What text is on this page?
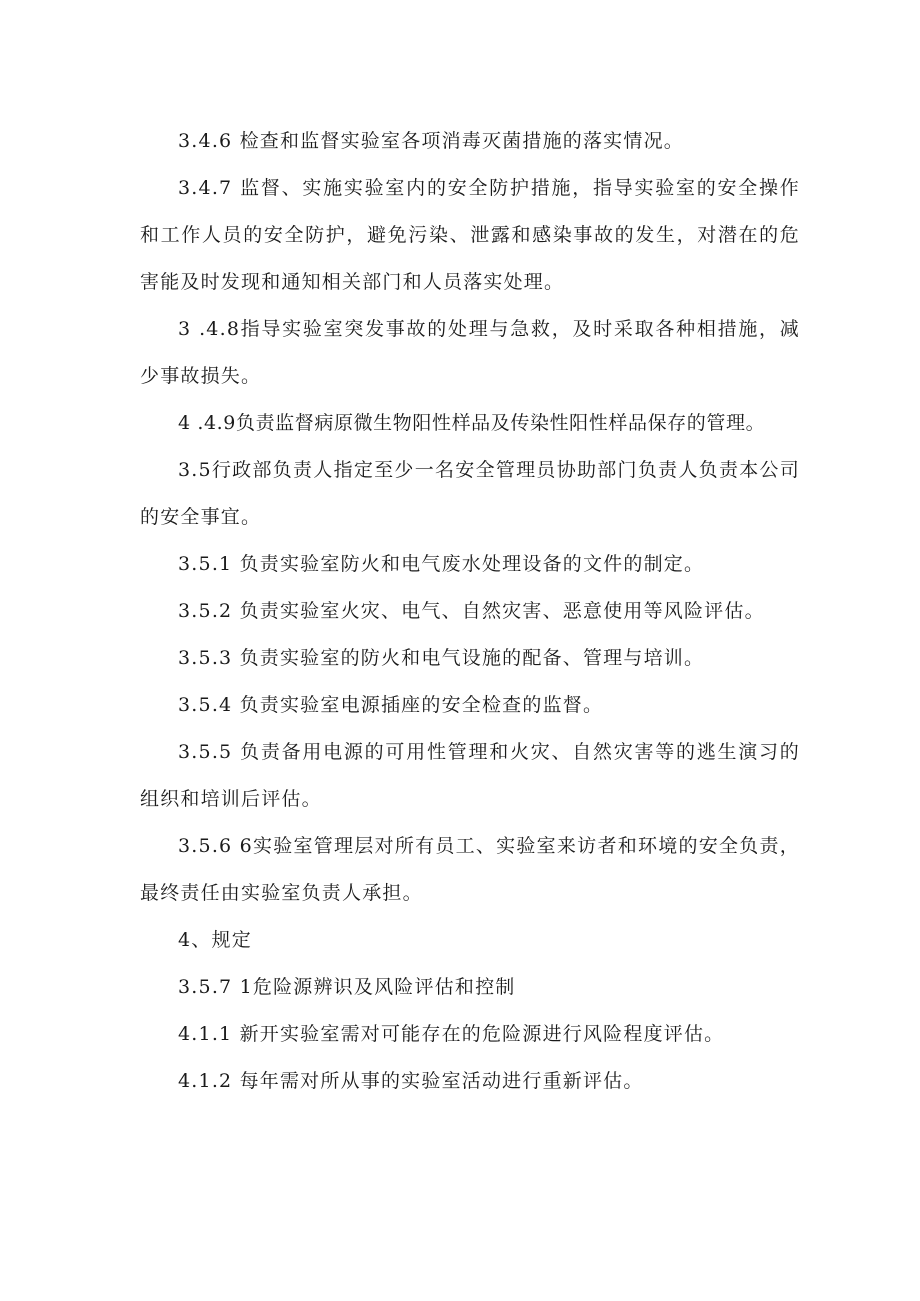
3.4.6 检查和监督实验室各项消毒灭菌措施的落实情况。

3.4.7 监督、实施实验室内的安全防护措施，指导实验室的安全操作和工作人员的安全防护，避免污染、泄露和感染事故的发生，对潜在的危害能及时发现和通知相关部门和人员落实处理。

3 .4.8指导实验室突发事故的处理与急救，及时采取各种相措施，减少事故损失。

4 .4.9负责监督病原微生物阳性样品及传染性阳性样品保存的管理。

3.5行政部负责人指定至少一名安全管理员协助部门负责人负责本公司的安全事宜。

3.5.1 负责实验室防火和电气废水处理设备的文件的制定。

3.5.2 负责实验室火灾、电气、自然灾害、恶意使用等风险评估。

3.5.3 负责实验室的防火和电气设施的配备、管理与培训。

3.5.4 负责实验室电源插座的安全检查的监督。

3.5.5 负责备用电源的可用性管理和火灾、自然灾害等的逃生演习的组织和培训后评估。

3.5.6 6实验室管理层对所有员工、实验室来访者和环境的安全负责，最终责任由实验室负责人承担。

4、规定

3.5.7 1危险源辨识及风险评估和控制

4.1.1 新开实验室需对可能存在的危险源进行风险程度评估。

4.1.2 每年需对所从事的实验室活动进行重新评估。
